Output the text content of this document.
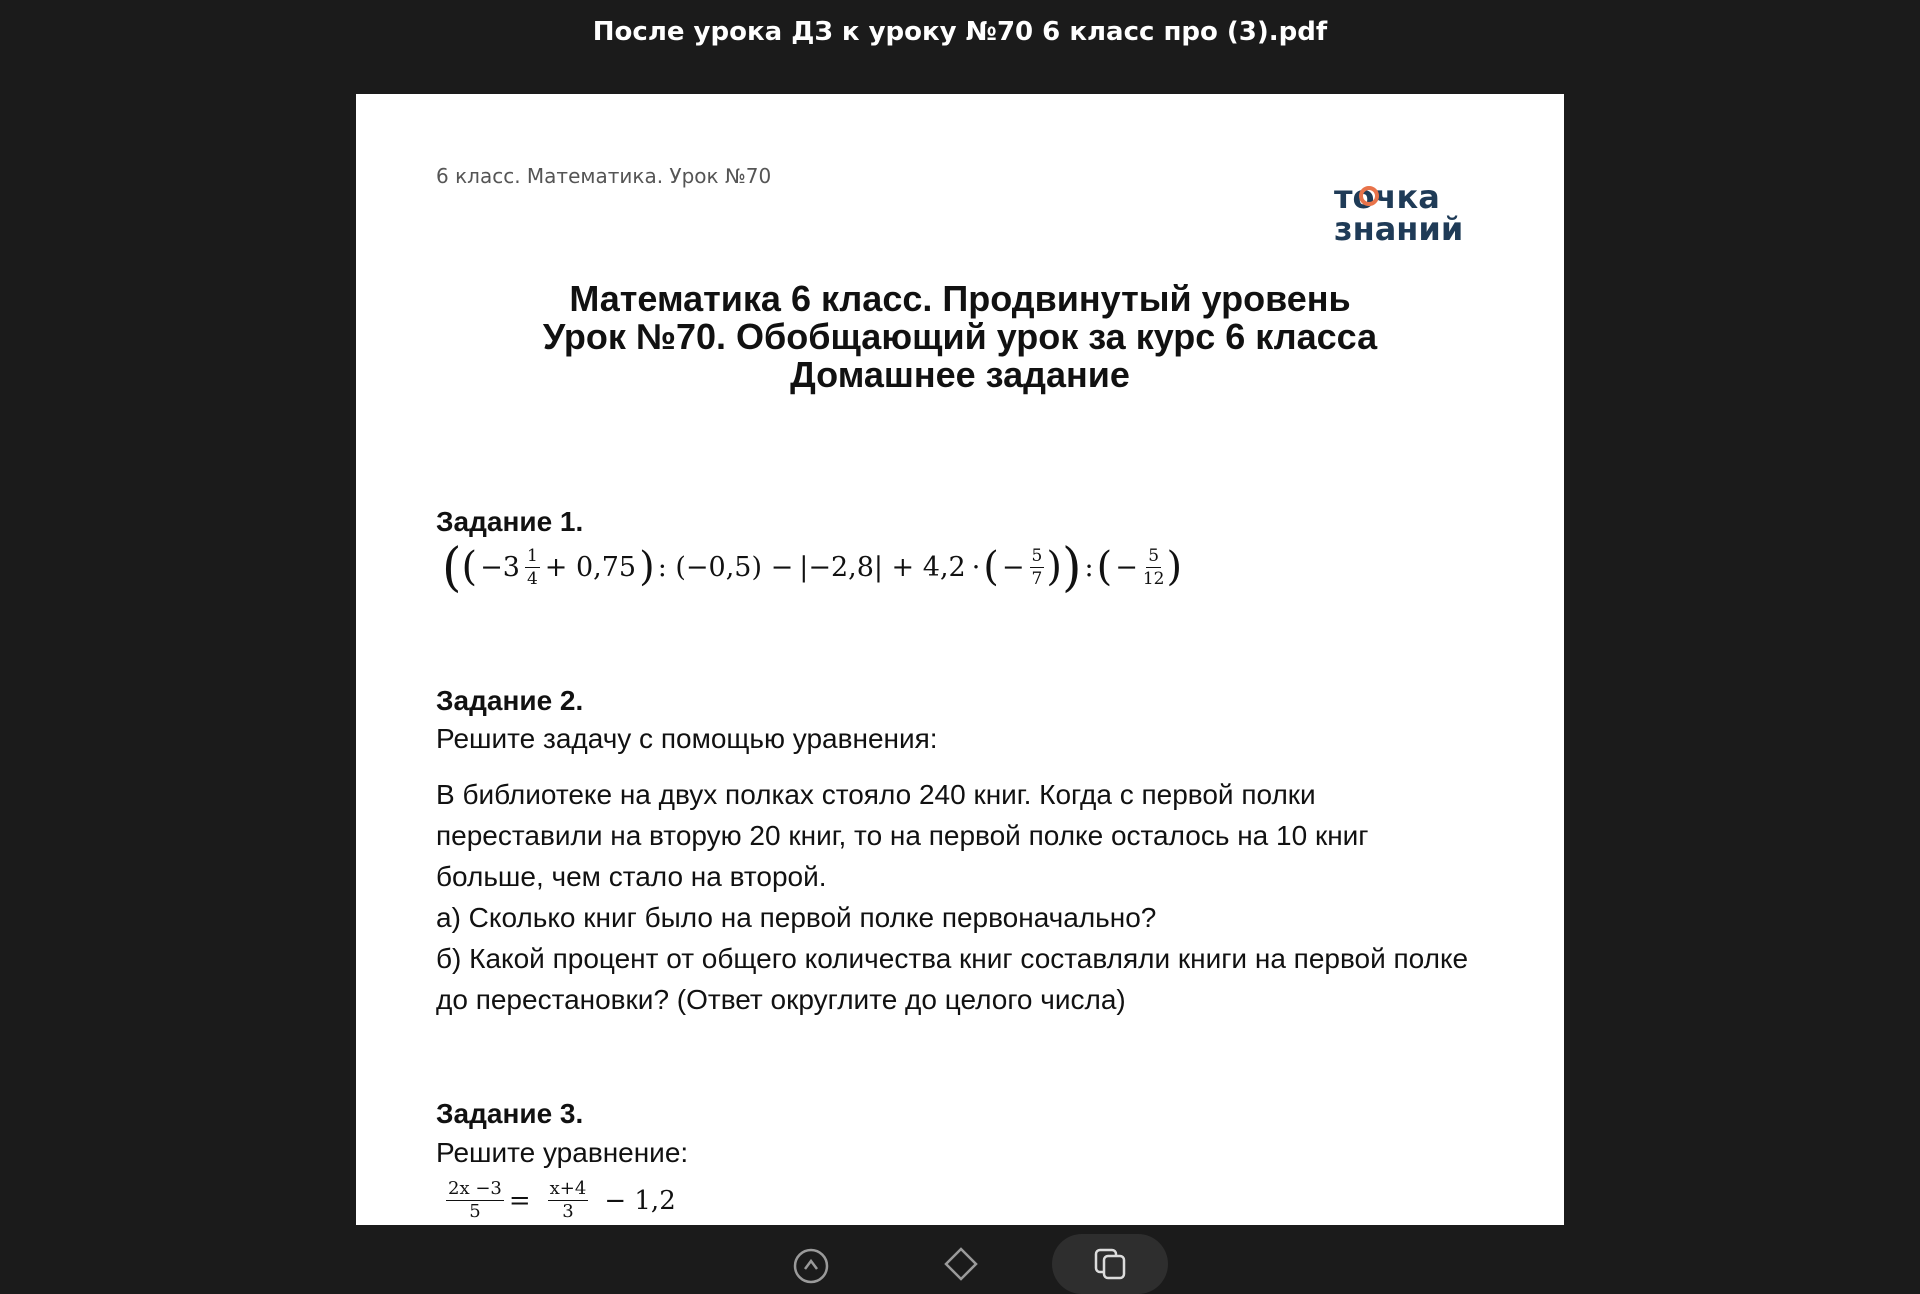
После урока ДЗ к уроку №70 6 класс про (3).pdf
6 класс. Математика. Урок №70
точка
знаний
Математика 6 класс. Продвинутый уровень
Урок №70. Обобщающий урок за курс 6 класса
Домашнее задание
Задание 1.
( ( $-3 \frac{1}{4} + 0,75$ ) : (−0,5) − |−2,8| + 4,2 · ( − $\frac{5}{7}$ ) ) : ( − $\frac{5}{12}$ )
Задание 2.
Решите задачу с помощью уравнения:
В библиотеке на двух полках стояло 240 книг. Когда с первой полки
переставили на вторую 20 книг, то на первой полке осталось на 10 книг
больше, чем стало на второй.
а) Сколько книг было на первой полке первоначально?
б) Какой процент от общего количества книг составляли книги на первой полке
до перестановки? (Ответ округлите до целого числа)
Задание 3.
Решите уравнение:
$\frac{2x -3}{5} = \frac{x+4}{3} - 1,2$
